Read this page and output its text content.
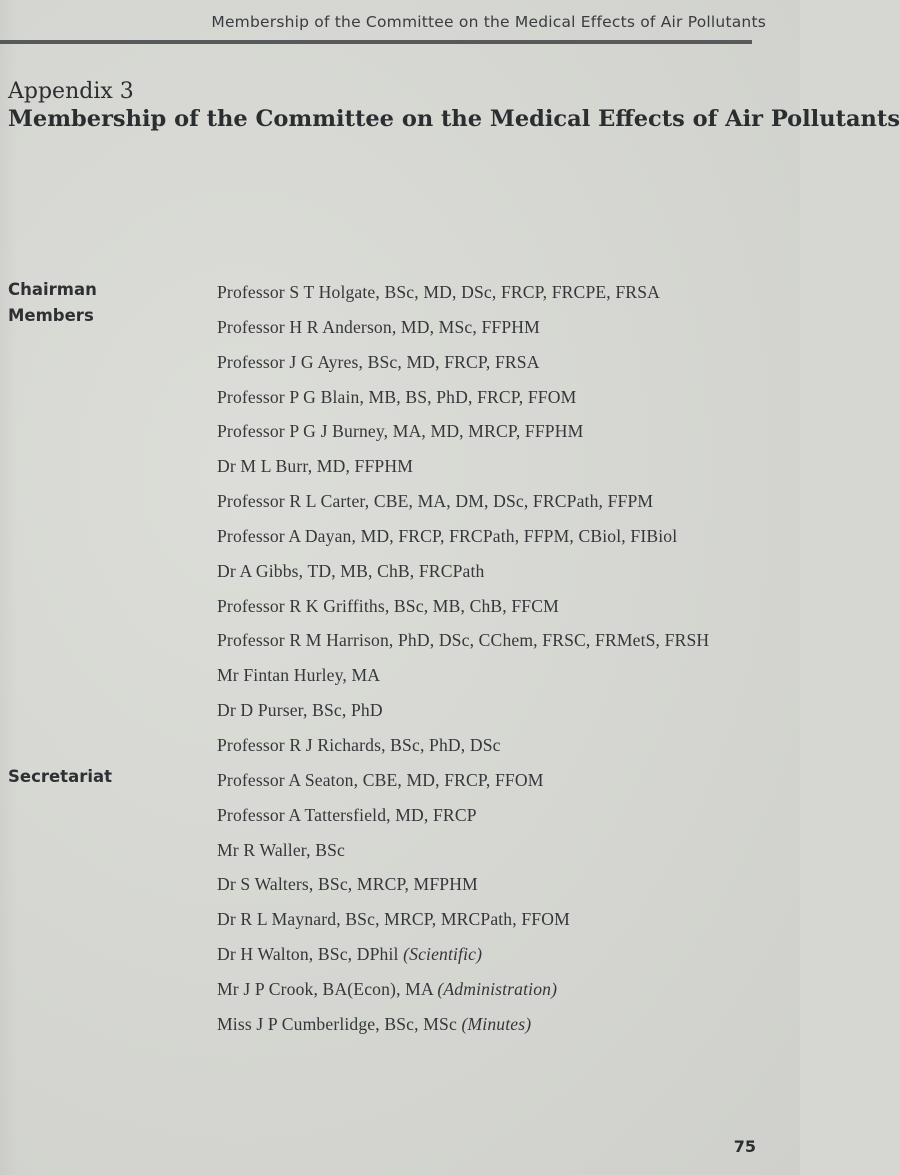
Membership of the Committee on the Medical Effects of Air Pollutants
Appendix 3
Membership of the Committee on the Medical Effects of Air Pollutants
Chairman
Members
Secretariat
Professor S T Holgate, BSc, MD, DSc, FRCP, FRCPE, FRSA
Professor H R Anderson, MD, MSc, FFPHM
Professor J G Ayres, BSc, MD, FRCP, FRSA
Professor P G Blain, MB, BS, PhD, FRCP, FFOM
Professor P G J Burney, MA, MD, MRCP, FFPHM
Dr M L Burr, MD, FFPHM
Professor R L Carter, CBE, MA, DM, DSc, FRCPath, FFPM
Professor A Dayan, MD, FRCP, FRCPath, FFPM, CBiol, FIBiol
Dr A Gibbs, TD, MB, ChB, FRCPath
Professor R K Griffiths, BSc, MB, ChB, FFCM
Professor R M Harrison, PhD, DSc, CChem, FRSC, FRMetS, FRSH
Mr Fintan Hurley, MA
Dr D Purser, BSc, PhD
Professor R J Richards, BSc, PhD, DSc
Professor A Seaton, CBE, MD, FRCP, FFOM
Professor A Tattersfield, MD, FRCP
Mr R Waller, BSc
Dr S Walters, BSc, MRCP, MFPHM
Dr R L Maynard, BSc, MRCP, MRCPath, FFOM
Dr H Walton, BSc, DPhil (Scientific)
Mr J P Crook, BA(Econ), MA (Administration)
Miss J P Cumberlidge, BSc, MSc (Minutes)
75
